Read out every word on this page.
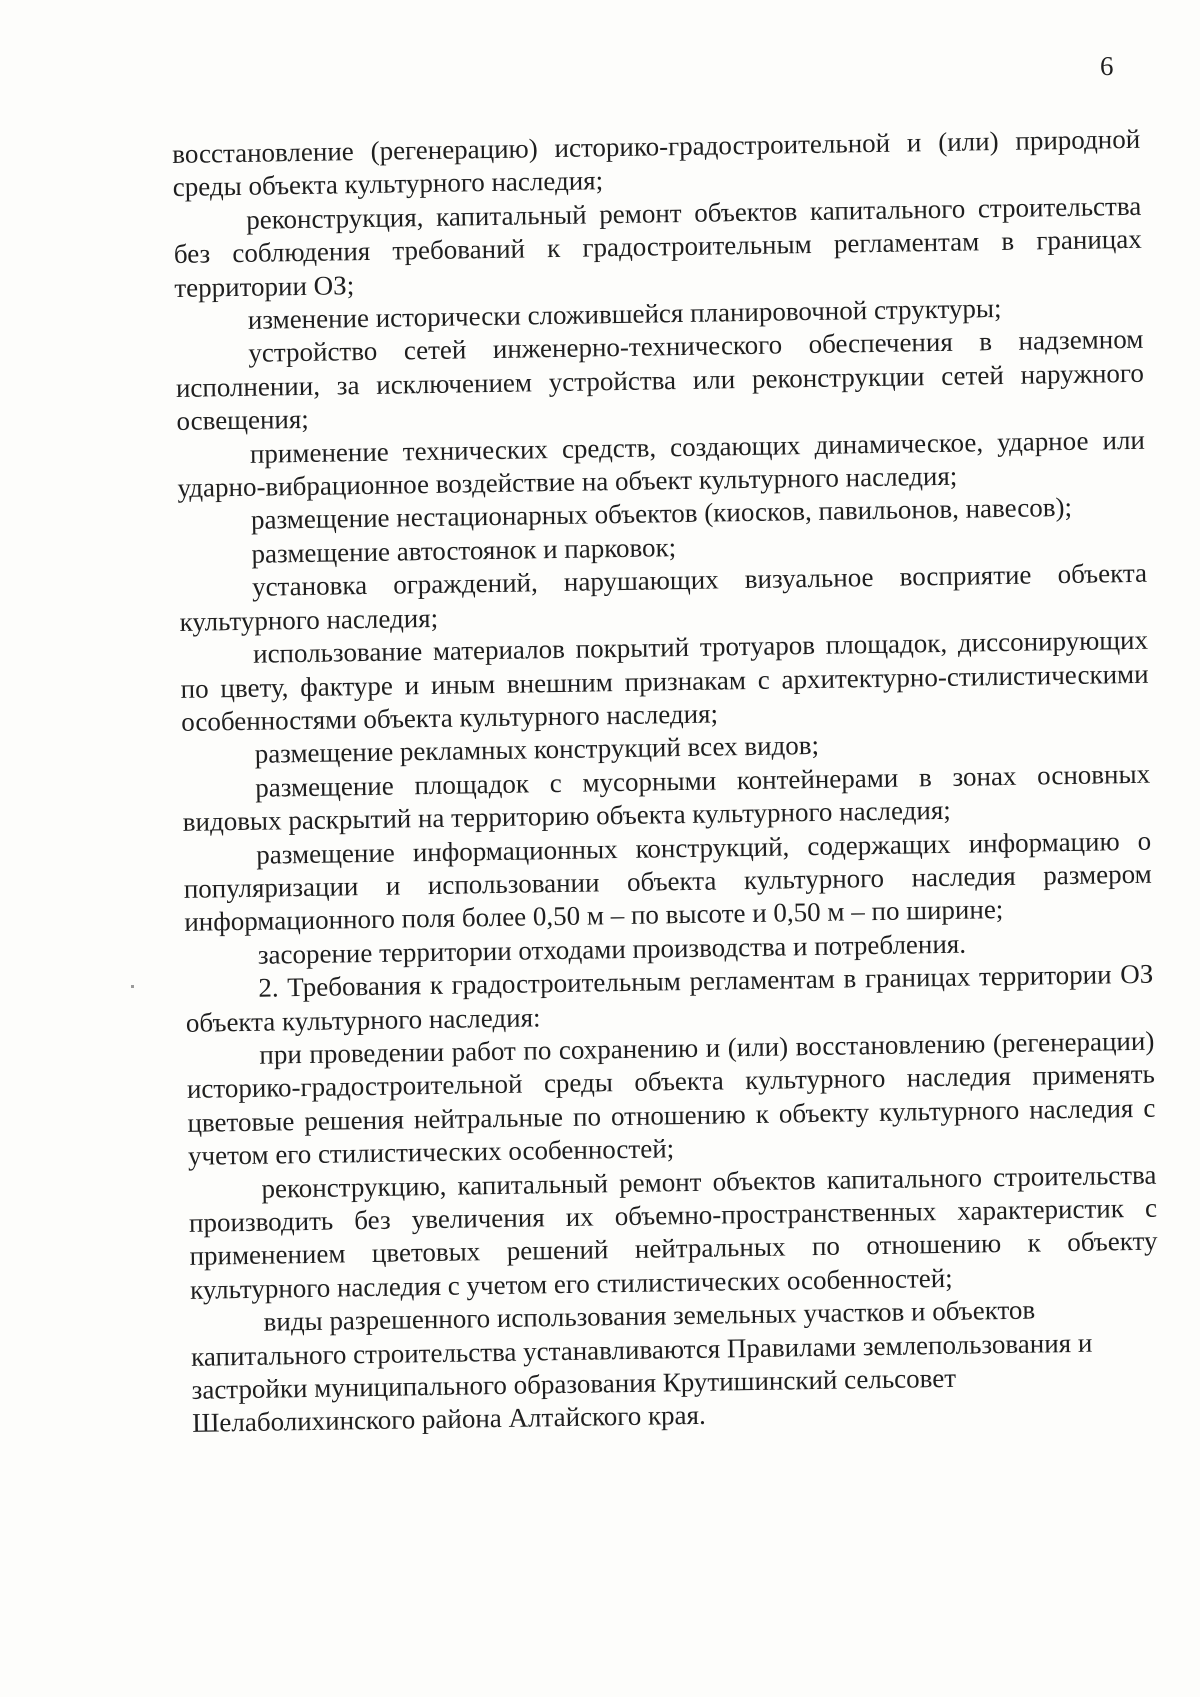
6

восстановление (регенерацию) историко-градостроительной и (или) природной среды объекта культурного наследия;

реконструкция, капитальный ремонт объектов капитального строительства без соблюдения требований к градостроительным регламентам в границах территории ОЗ;

изменение исторически сложившейся планировочной структуры;

устройство сетей инженерно-технического обеспечения в надземном исполнении, за исключением устройства или реконструкции сетей наружного освещения;

применение технических средств, создающих динамическое, ударное или ударно-вибрационное воздействие на объект культурного наследия;

размещение нестационарных объектов (киосков, павильонов, навесов);

размещение автостоянок и парковок;

установка ограждений, нарушающих визуальное восприятие объекта культурного наследия;

использование материалов покрытий тротуаров площадок, диссонирующих по цвету, фактуре и иным внешним признакам с архитектурно-стилистическими особенностями объекта культурного наследия;

размещение рекламных конструкций всех видов;

размещение площадок с мусорными контейнерами в зонах основных видовых раскрытий на территорию объекта культурного наследия;

размещение информационных конструкций, содержащих информацию о популяризации и использовании объекта культурного наследия размером информационного поля более 0,50 м – по высоте и 0,50 м – по ширине;

засорение территории отходами производства и потребления.

2. Требования к градостроительным регламентам в границах территории ОЗ объекта культурного наследия:

при проведении работ по сохранению и (или) восстановлению (регенерации) историко-градостроительной среды объекта культурного наследия применять цветовые решения нейтральные по отношению к объекту культурного наследия с учетом его стилистических особенностей;

реконструкцию, капитальный ремонт объектов капитального строительства производить без увеличения их объемно-пространственных характеристик с применением цветовых решений нейтральных по отношению к объекту культурного наследия с учетом его стилистических особенностей;

виды разрешенного использования земельных участков и объектов капитального строительства устанавливаются Правилами землепользования и застройки муниципального образования Крутишинский сельсовет Шелаболихинского района Алтайского края.
